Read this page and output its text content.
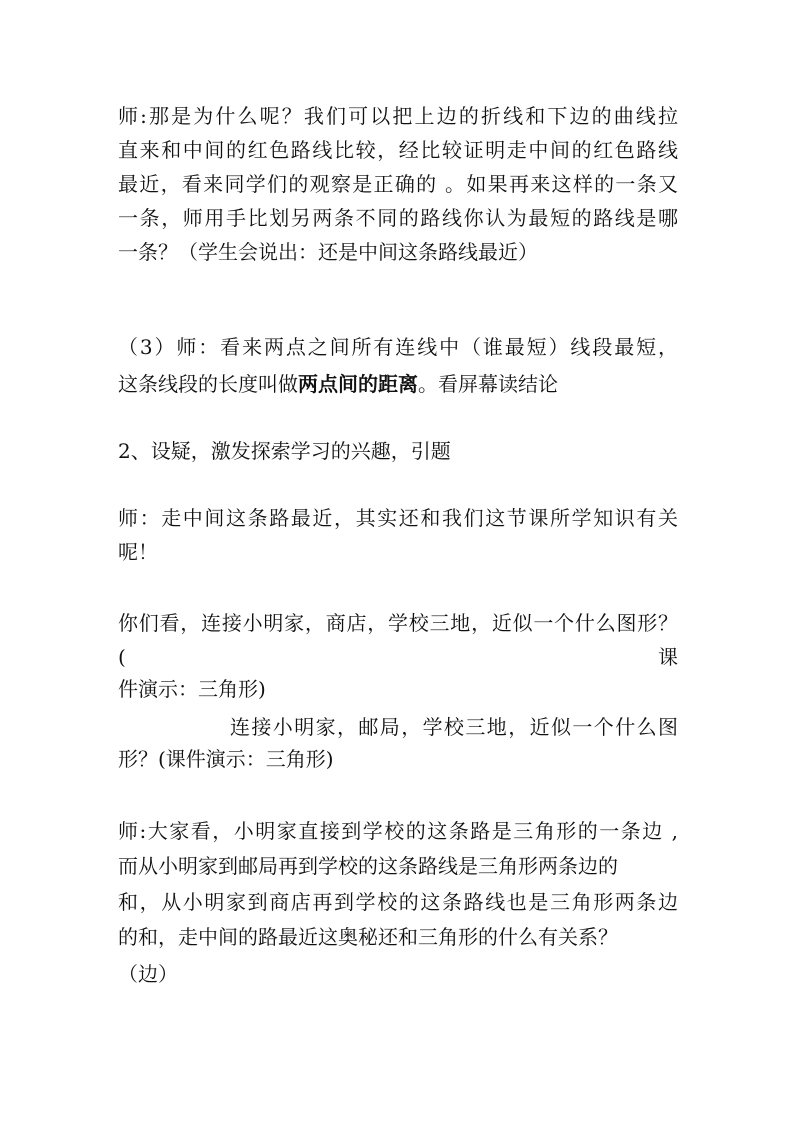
师:那是为什么呢？我们可以把上边的折线和下边的曲线拉
直来和中间的红色路线比较，经比较证明走中间的红色路线
最近，看来同学们的观察是正确的 。如果再来这样的一条又
一条，师用手比划另两条不同的路线你认为最短的路线是哪
一条？（学生会说出：还是中间这条路线最近）
（3）师：看来两点之间所有连线中（谁最短）线段最短，
这条线段的长度叫做两点间的距离。看屏幕读结论
2、设疑，激发探索学习的兴趣，引题
师：走中间这条路最近，其实还和我们这节课所学知识有关
呢！
你们看，连接小明家，商店，学校三地，近似一个什么图形？(课
件演示：三角形)
连接小明家，邮局，学校三地，近似一个什么图
形？(课件演示：三角形)
师:大家看，小明家直接到学校的这条路是三角形的一条边 ,
而从小明家到邮局再到学校的这条路线是三角形两条边的
和，从小明家到商店再到学校的这条路线也是三角形两条边
的和，走中间的路最近这奥秘还和三角形的什么有关系？
（边）
